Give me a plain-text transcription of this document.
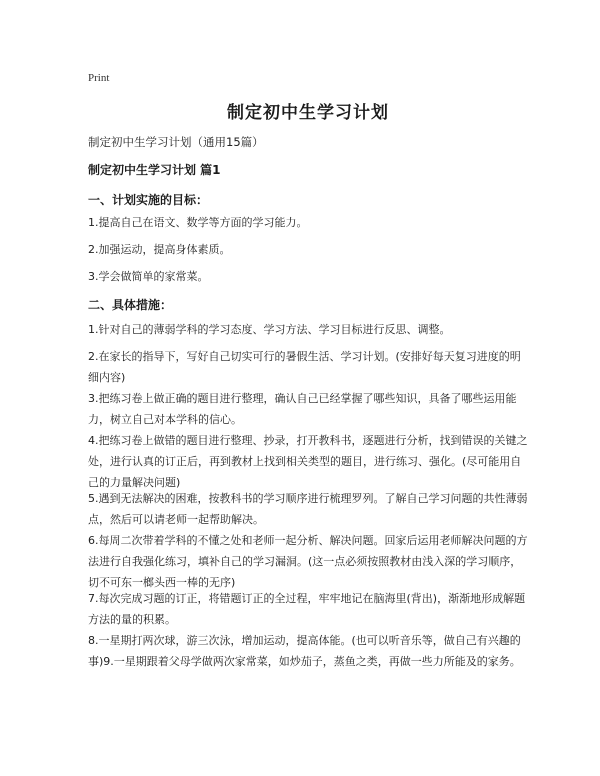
Print
制定初中生学习计划
制定初中生学习计划（通用15篇）
制定初中生学习计划 篇1
一、计划实施的目标：
1.提高自己在语文、数学等方面的学习能力。
2.加强运动，提高身体素质。
3.学会做简单的家常菜。
二、具体措施：
1.针对自己的薄弱学科的学习态度、学习方法、学习目标进行反思、调整。
2.在家长的指导下，写好自己切实可行的暑假生活、学习计划。(安排好每天复习进度的明细内容)
3.把练习卷上做正确的题目进行整理，确认自己已经掌握了哪些知识，具备了哪些运用能力，树立自己对本学科的信心。
4.把练习卷上做错的题目进行整理、抄录，打开教科书，逐题进行分析，找到错误的关键之处，进行认真的订正后，再到教材上找到相关类型的题目，进行练习、强化。(尽可能用自己的力量解决问题)
5.遇到无法解决的困难，按教科书的学习顺序进行梳理罗列。了解自己学习问题的共性薄弱点，然后可以请老师一起帮助解决。
6.每周二次带着学科的不懂之处和老师一起分析、解决问题。回家后运用老师解决问题的方法进行自我强化练习，填补自己的学习漏洞。(这一点必须按照教材由浅入深的学习顺序，切不可东一榔头西一棒的无序)
7.每次完成习题的订正，将错题订正的全过程，牢牢地记在脑海里(背出)，渐渐地形成解题方法的量的积累。
8.一星期打两次球，游三次泳，增加运动，提高体能。(也可以听音乐等，做自己有兴趣的事)9.一星期跟着父母学做两次家常菜，如炒茄子，蒸鱼之类，再做一些力所能及的家务。
